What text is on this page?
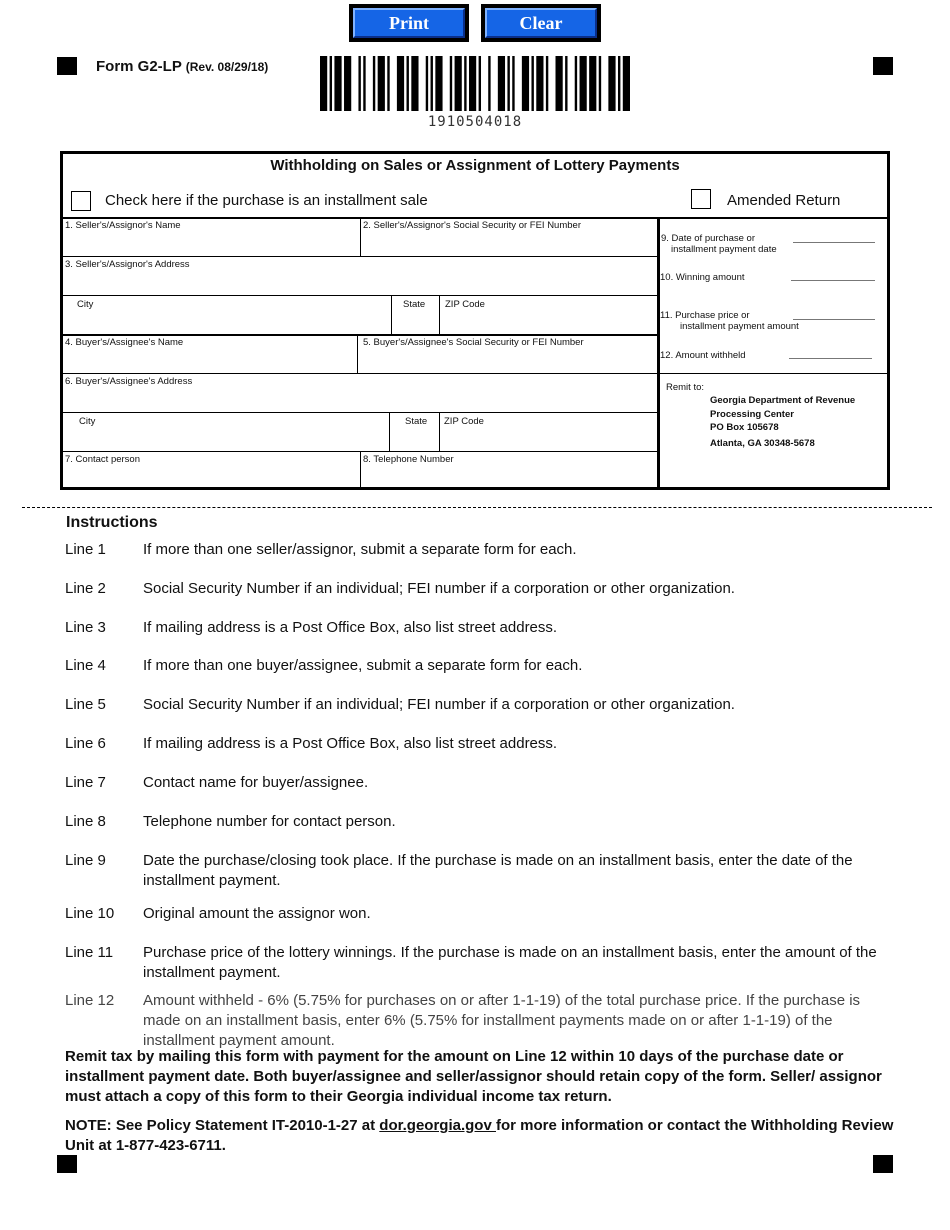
Print	Clear
Form G2-LP (Rev. 08/29/18)
1910504018
Withholding on Sales or Assignment of Lottery Payments
Check here if the purchase is an installment sale	Amended Return
1. Seller's/Assignor's Name	2. Seller's/Assignor's Social Security or FEI Number
3. Seller's/Assignor's Address
City	State ZIP Code
4. Buyer's/Assignee's Name	5. Buyer's/Assignee's Social Security or FEI Number
6. Buyer's/Assignee's Address
City	State ZIP Code
7. Contact person	8. Telephone Number
9. Date of purchase or
installment payment date
10. Winning amount
11. Purchase price or
installment payment amount
12. Amount withheld
Remit to:
Georgia Department of Revenue
Processing Center
PO Box 105678
Atlanta, GA 30348-5678
Instructions
Line 1 If more than one seller/assignor, submit a separate form for each.
Line 2 Social Security Number if an individual; FEI number if a corporation or other organization.
Line 3 If mailing address is a Post Office Box, also list street address.
Line 4 If more than one buyer/assignee, submit a separate form for each.
Line 5 Social Security Number if an individual; FEI number if a corporation or other organization.
Line 6 If mailing address is a Post Office Box, also list street address.
Line 7 Contact name for buyer/assignee.
Line 8 Telephone number for contact person.
Line 9 Date the purchase/closing took place. If the purchase is made on an installment basis, enter the date of the installment payment.
Line 10 Original amount the assignor won.
Line 11 Purchase price of the lottery winnings. If the purchase is made on an installment basis, enter the amount of the installment payment.
Line 12 Amount withheld - 6% (5.75% for purchases on or after 1-1-19) of the total purchase price. If the purchase is made on an installment basis, enter 6% (5.75% for installment payments made on or after 1-1-19) of the installment payment amount.
Remit tax by mailing this form with payment for the amount on Line 12 within 10 days of the purchase date or installment payment date. Both buyer/assignee and seller/assignor should retain copy of the form. Seller/ assignor must attach a copy of this form to their Georgia individual income tax return.
NOTE: See Policy Statement IT-2010-1-27 at dor.georgia.gov for more information or contact the Withholding Review Unit at 1-877-423-6711.
